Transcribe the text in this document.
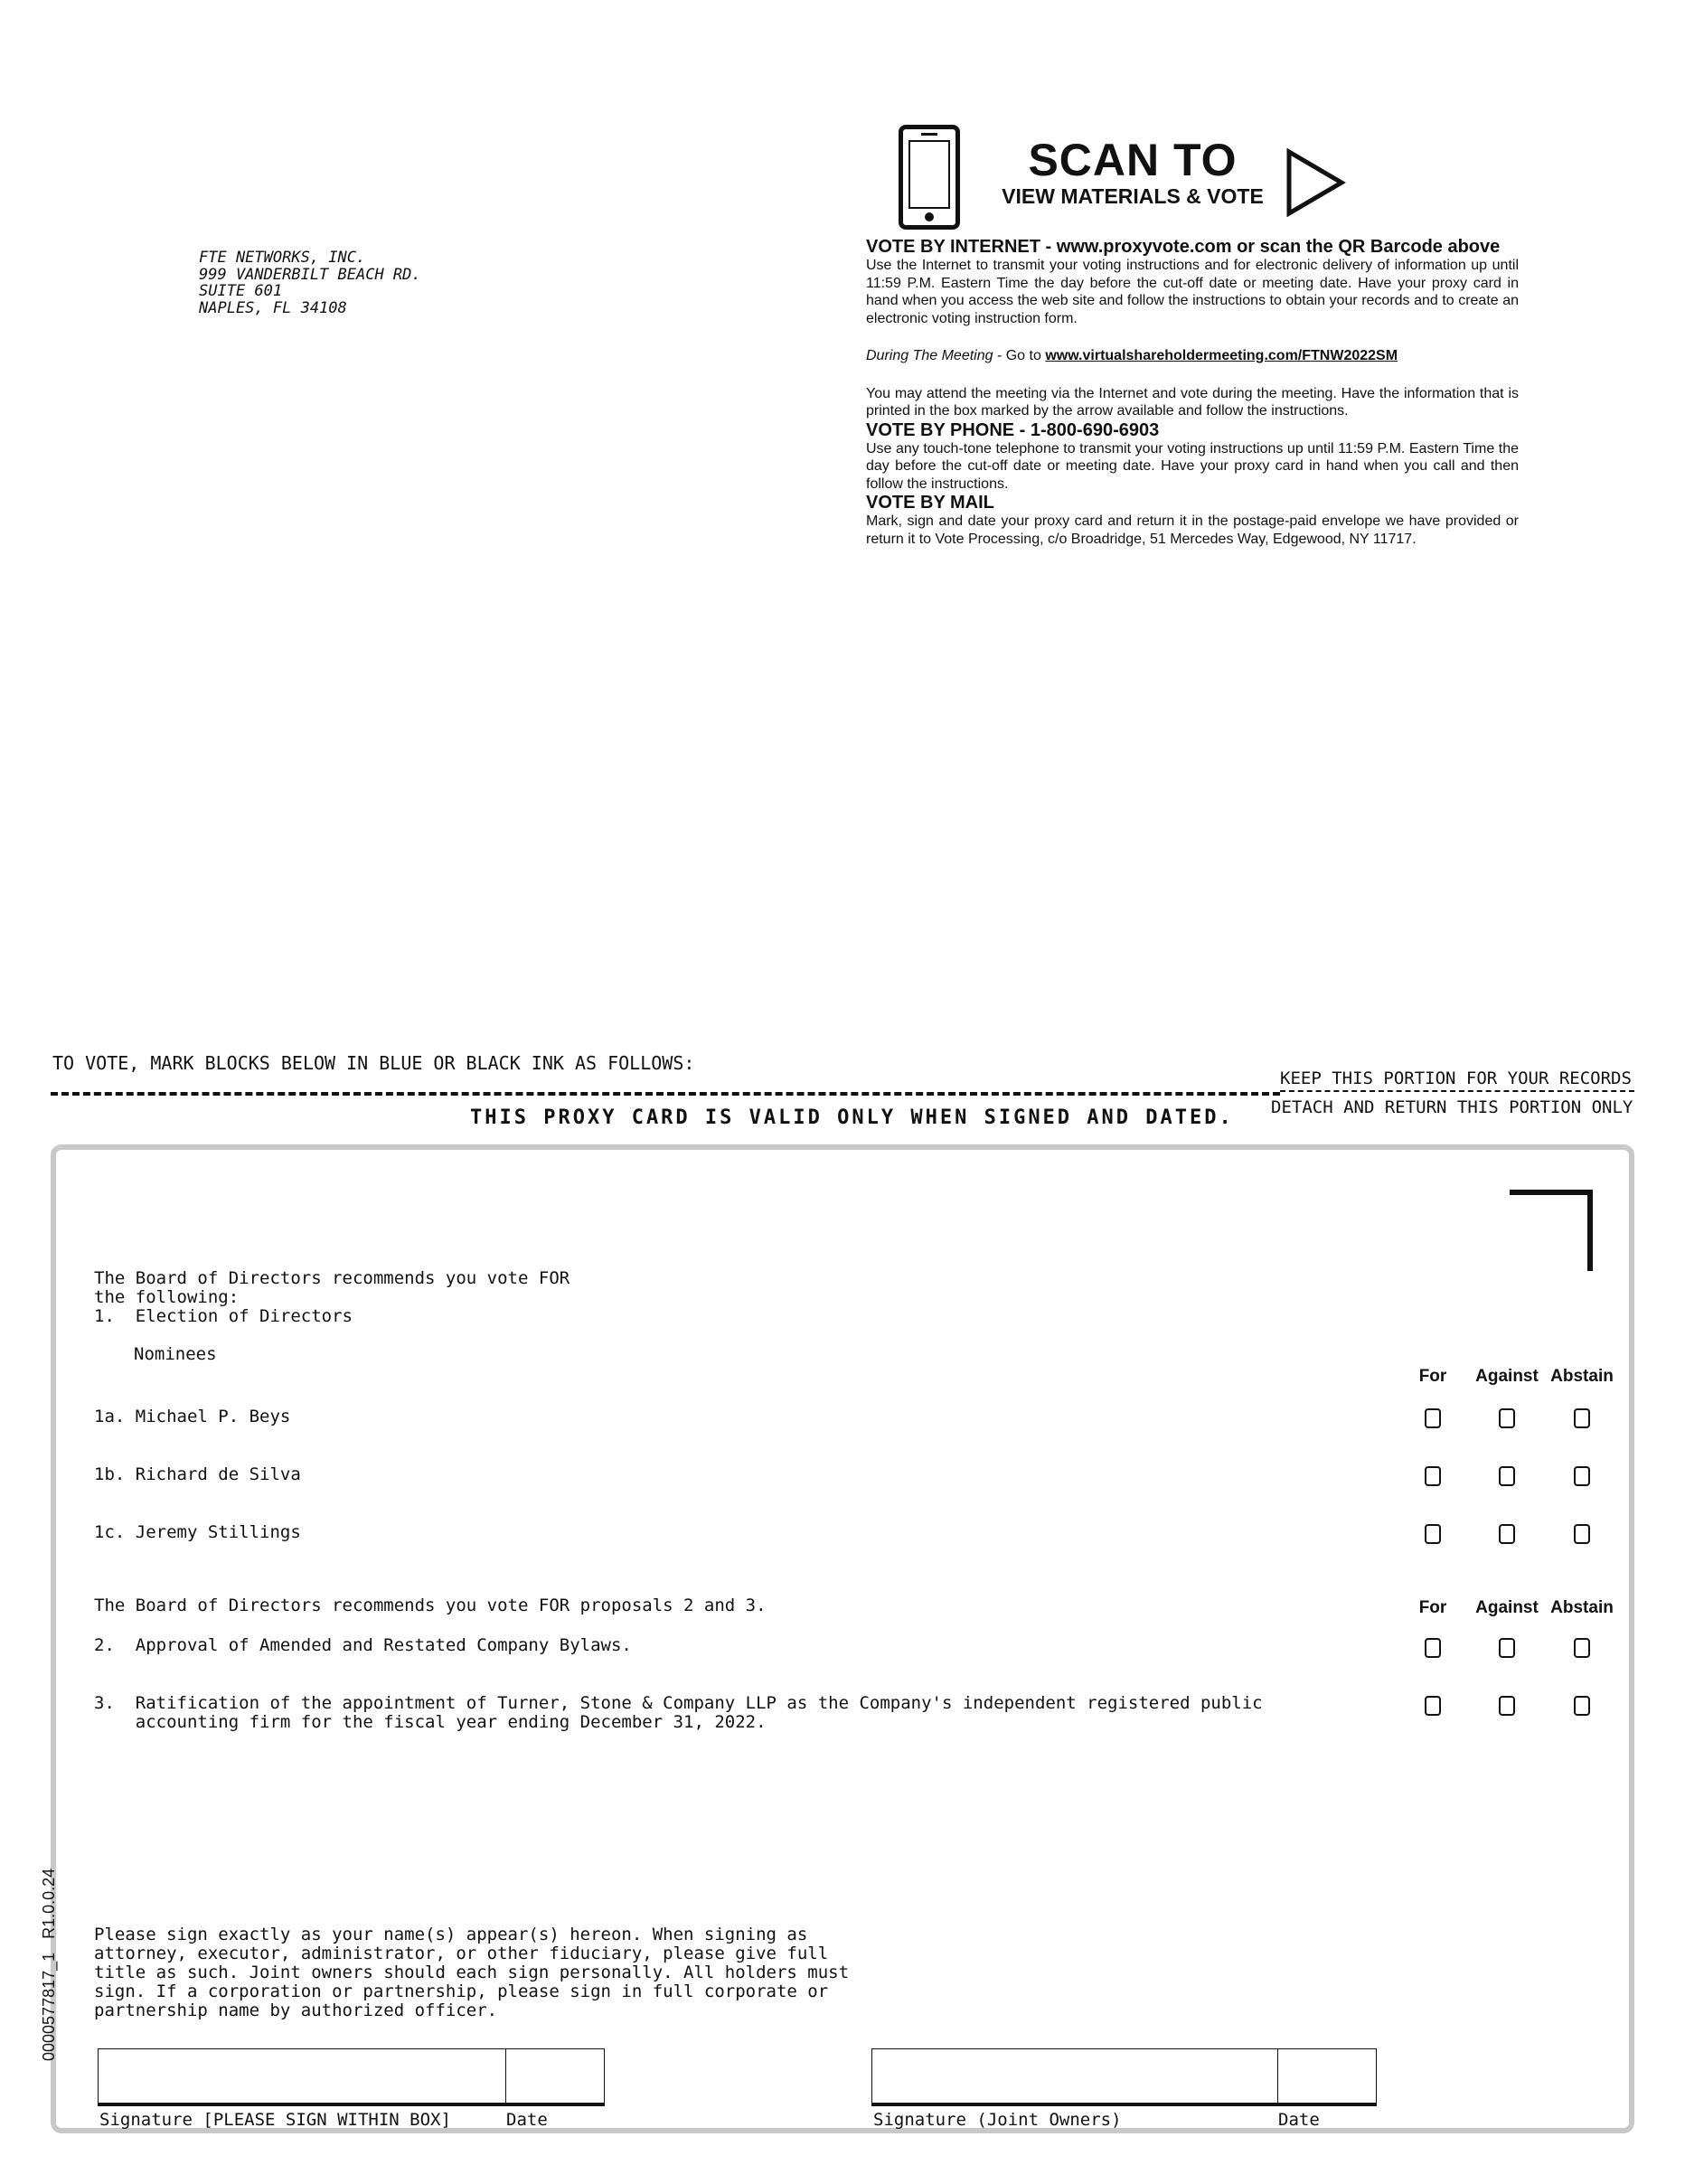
FTE NETWORKS, INC.
999 VANDERBILT BEACH RD.
SUITE 601
NAPLES, FL 34108
SCAN TO
VIEW MATERIALS & VOTE
VOTE BY INTERNET - www.proxyvote.com or scan the QR Barcode above
Use the Internet to transmit your voting instructions and for electronic delivery of information up until 11:59 P.M. Eastern Time the day before the cut-off date or meeting date. Have your proxy card in hand when you access the web site and follow the instructions to obtain your records and to create an electronic voting instruction form.
During The Meeting - Go to www.virtualshareholdermeeting.com/FTNW2022SM
You may attend the meeting via the Internet and vote during the meeting. Have the information that is printed in the box marked by the arrow available and follow the instructions.
VOTE BY PHONE - 1-800-690-6903
Use any touch-tone telephone to transmit your voting instructions up until 11:59 P.M. Eastern Time the day before the cut-off date or meeting date. Have your proxy card in hand when you call and then follow the instructions.
VOTE BY MAIL
Mark, sign and date your proxy card and return it in the postage-paid envelope we have provided or return it to Vote Processing, c/o Broadridge, 51 Mercedes Way, Edgewood, NY 11717.
TO VOTE, MARK BLOCKS BELOW IN BLUE OR BLACK INK AS FOLLOWS:
KEEP THIS PORTION FOR YOUR RECORDS
THIS PROXY CARD IS VALID ONLY WHEN SIGNED AND DATED. DETACH AND RETURN THIS PORTION ONLY
The Board of Directors recommends you vote FOR
the following:
1.  Election of Directors
Nominees
For	Against Abstain
1a. Michael P. Beys
1b. Richard de Silva
1c. Jeremy Stillings
The Board of Directors recommends you vote FOR proposals 2 and 3.	For	Against Abstain
2.  Approval of Amended and Restated Company Bylaws.
3.  Ratification of the appointment of Turner, Stone & Company LLP as the Company's independent registered public
accounting firm for the fiscal year ending December 31, 2022.
Please sign exactly as your name(s) appear(s) hereon. When signing as
attorney, executor, administrator, or other fiduciary, please give full
title as such. Joint owners should each sign personally. All holders must
sign. If a corporation or partnership, please sign in full corporate or
partnership name by authorized officer.
Signature [PLEASE SIGN WITHIN BOX]	Date	Signature (Joint Owners)	Date
0000577817_1   R1.0.0.24
